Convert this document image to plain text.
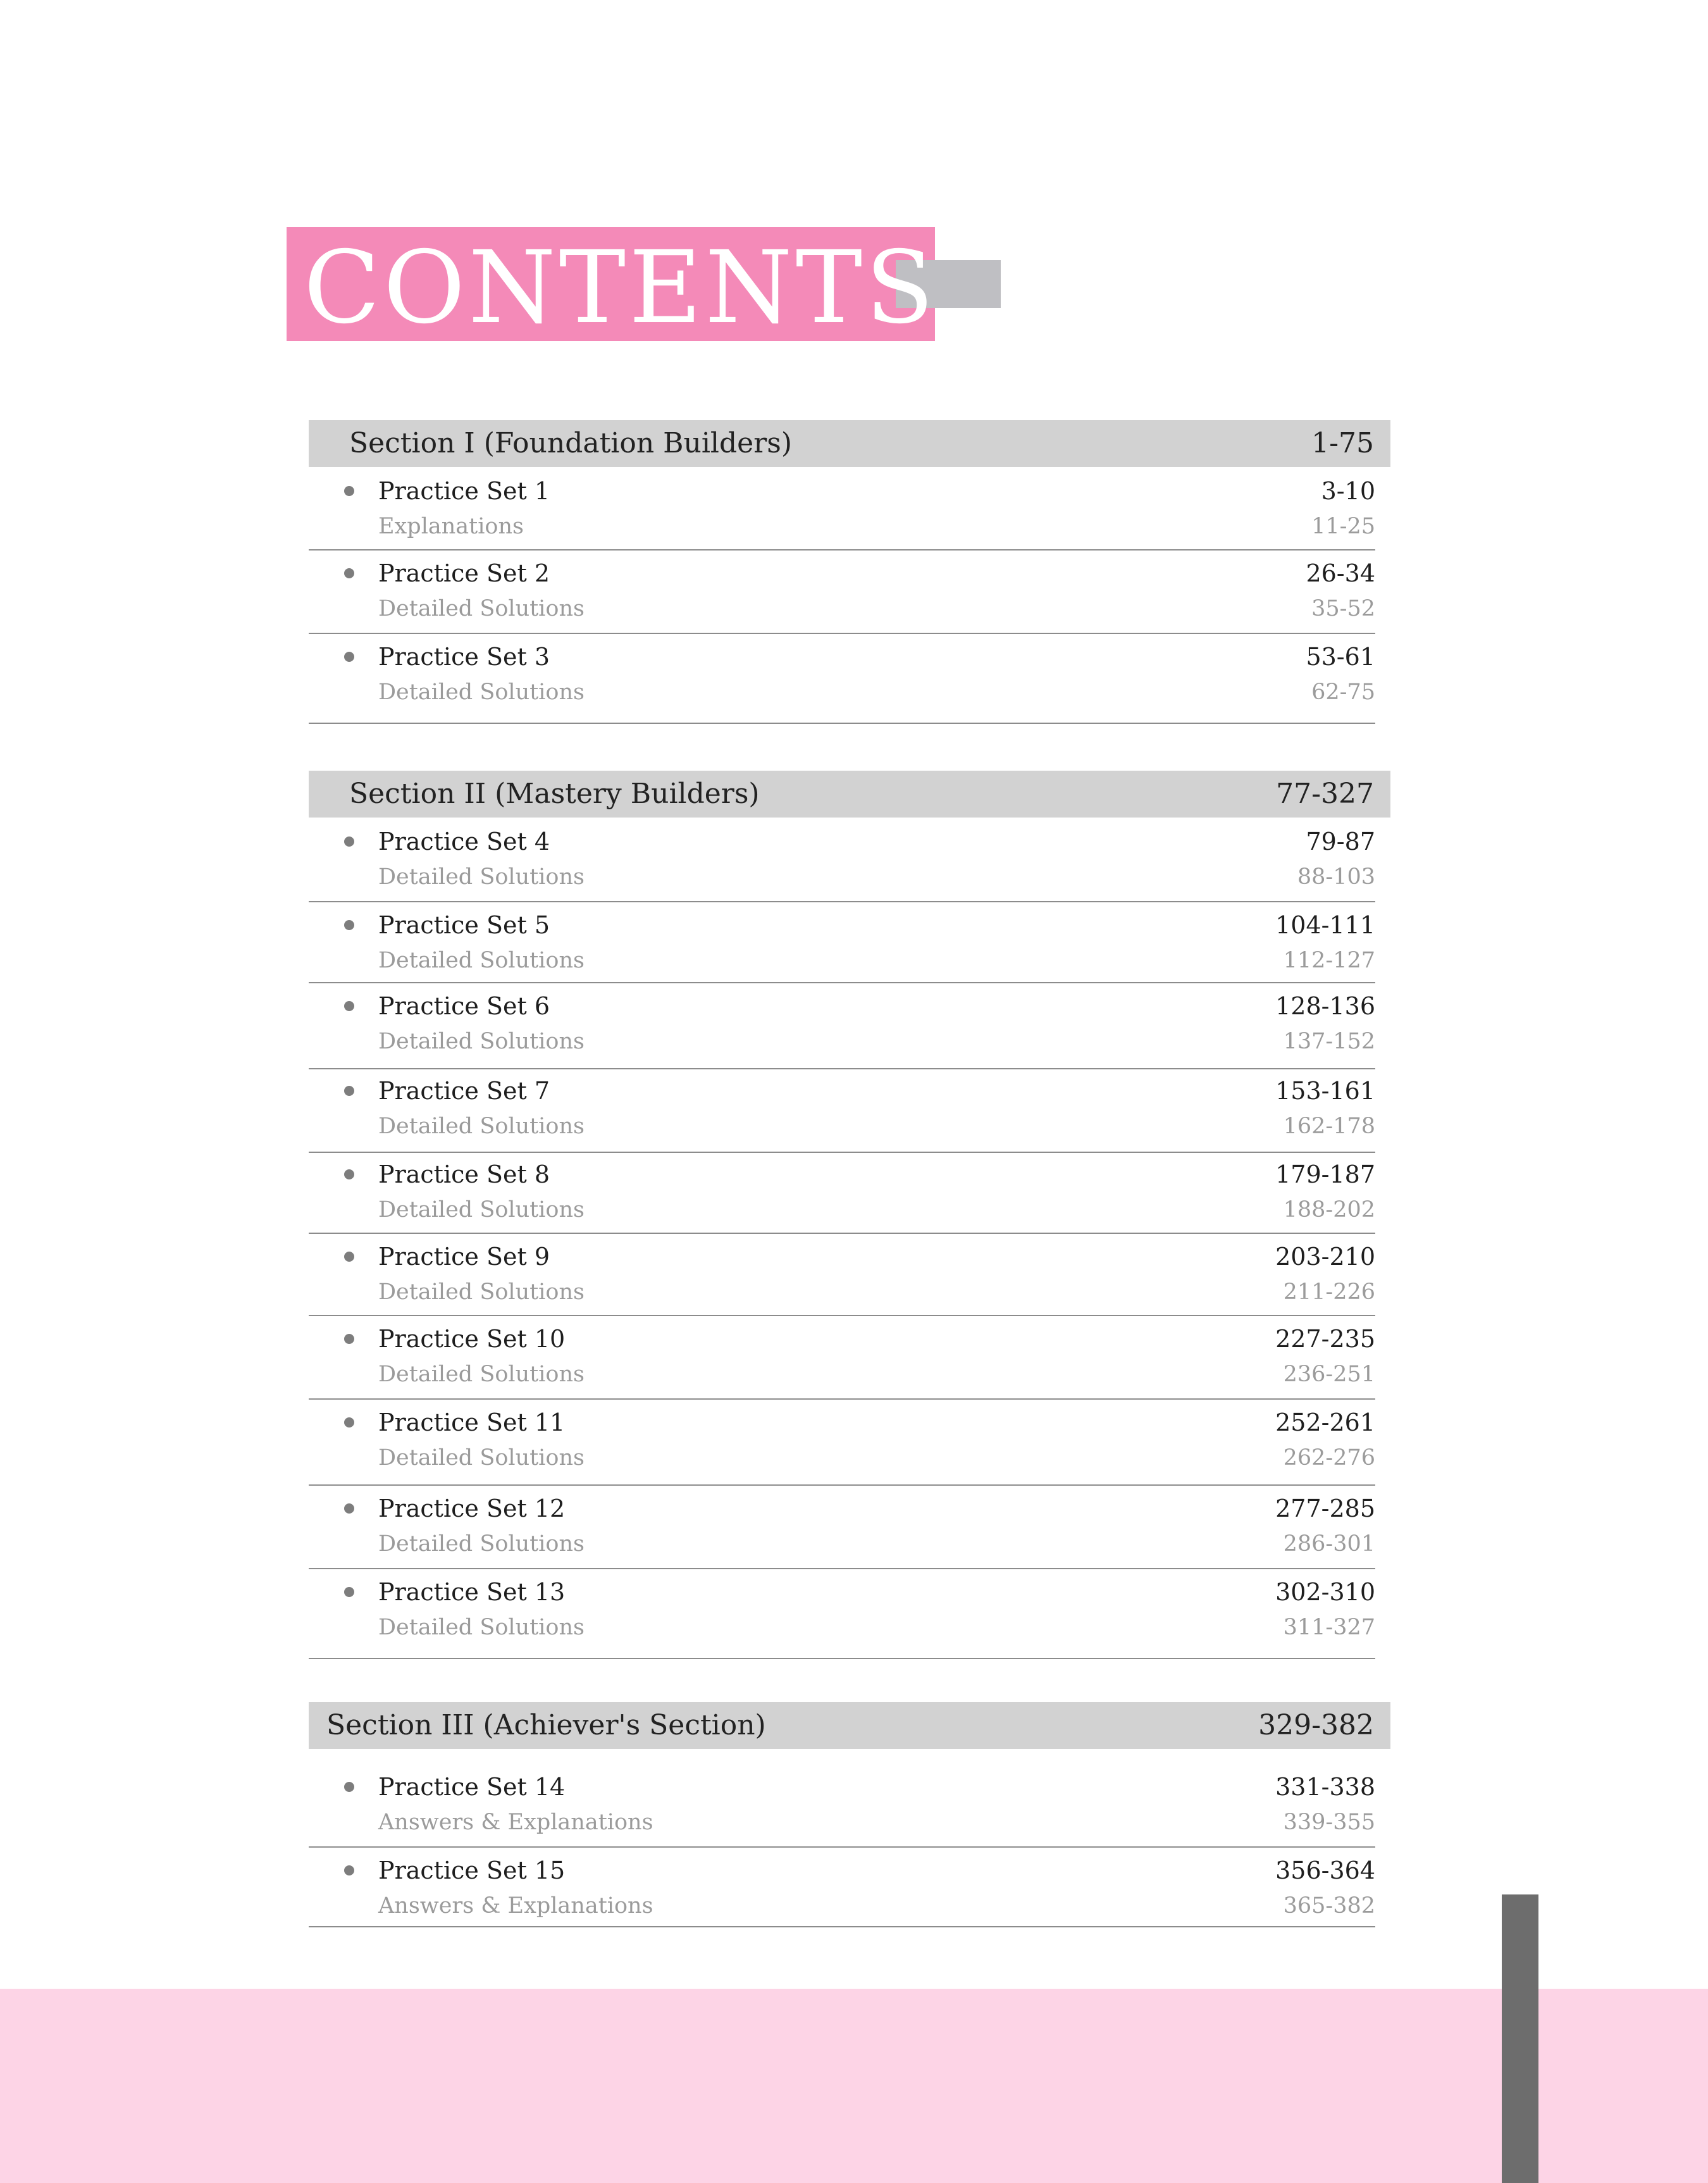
CONTENTS
Section I (Foundation Builders)	1-75
Practice Set 1	3-10
Explanations	11-25
Practice Set 2	26-34
Detailed Solutions	35-52
Practice Set 3	53-61
Detailed Solutions	62-75
Section II (Mastery Builders)	77-327
Practice Set 4	79-87
Detailed Solutions	88-103
Practice Set 5	104-111
Detailed Solutions	112-127
Practice Set 6	128-136
Detailed Solutions	137-152
Practice Set 7	153-161
Detailed Solutions	162-178
Practice Set 8	179-187
Detailed Solutions	188-202
Practice Set 9	203-210
Detailed Solutions	211-226
Practice Set 10	227-235
Detailed Solutions	236-251
Practice Set 11	252-261
Detailed Solutions	262-276
Practice Set 12	277-285
Detailed Solutions	286-301
Practice Set 13	302-310
Detailed Solutions	311-327
Section III (Achiever's Section)	329-382
Practice Set 14	331-338
Answers & Explanations	339-355
Practice Set 15	356-364
Answers & Explanations	365-382
